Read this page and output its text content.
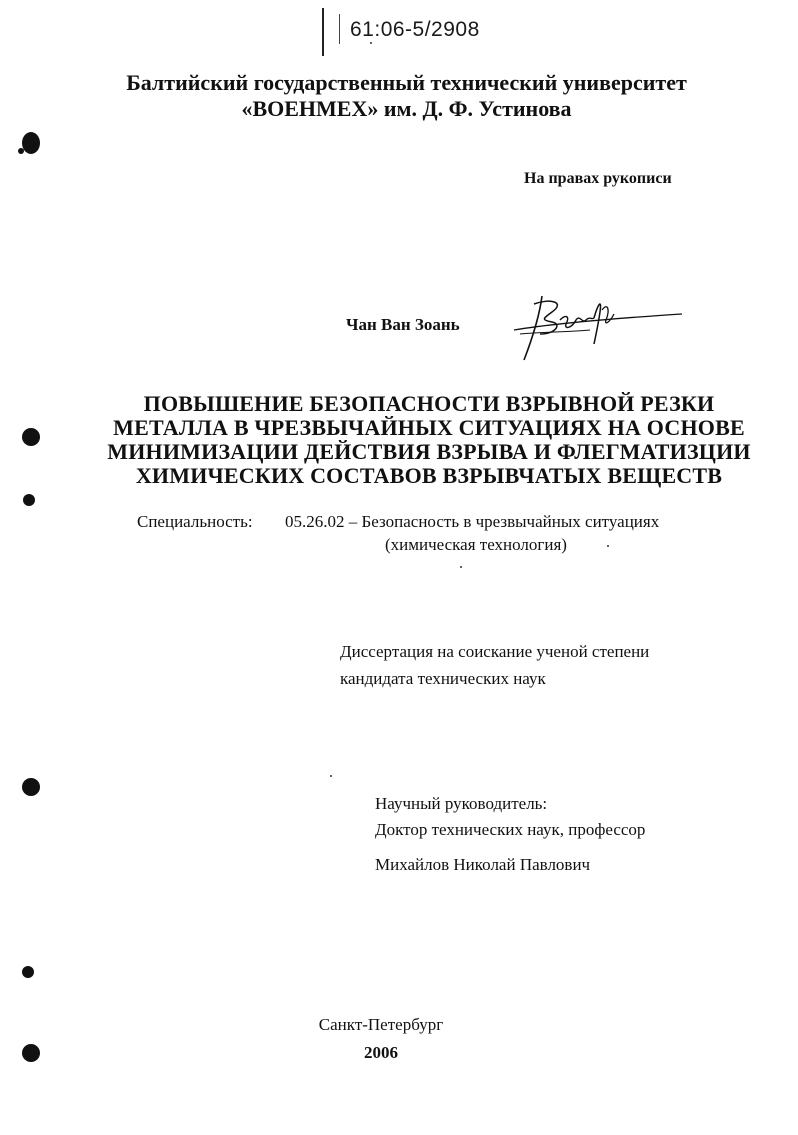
61:06-5/2908
Балтийский государственный технический университет
«ВОЕНМЕХ» им. Д. Ф. Устинова
На правах рукописи
Чан Ван Зоань
ПОВЫШЕНИЕ БЕЗОПАСНОСТИ ВЗРЫВНОЙ РЕЗКИ
МЕТАЛЛА В ЧРЕЗВЫЧАЙНЫХ СИТУАЦИЯХ НА ОСНОВЕ
МИНИМИЗАЦИИ ДЕЙСТВИЯ ВЗРЫВА И ФЛЕГМАТИЗЦИИ
ХИМИЧЕСКИХ СОСТАВОВ ВЗРЫВЧАТЫХ ВЕЩЕСТВ
Специальность: 05.26.02 – Безопасность в чрезвычайных ситуациях
(химическая технология)
Диссертация на соискание ученой степени
кандидата технических наук
Научный руководитель:
Доктор технических наук, профессор
Михайлов Николай Павлович
Санкт-Петербург
2006
